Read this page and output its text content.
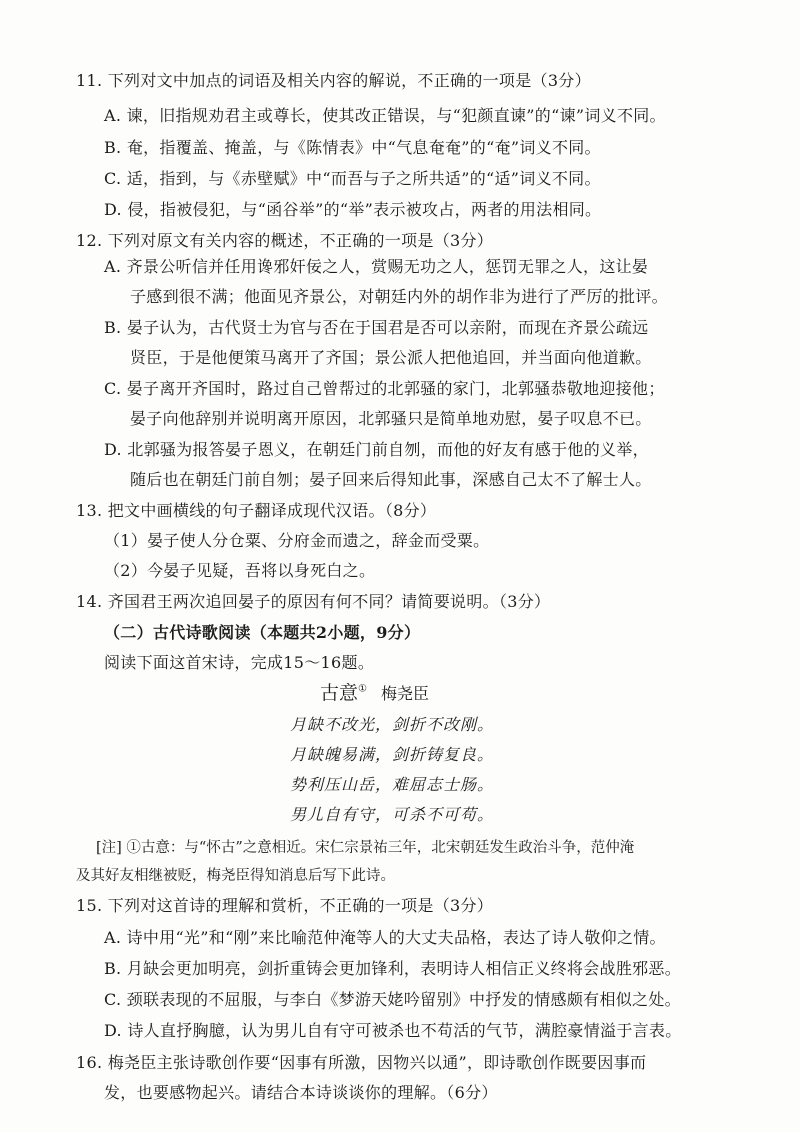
11. 下列对文中加点的词语及相关内容的解说，不正确的一项是（3分）
A. 谏，旧指规劝君主或尊长，使其改正错误，与“犯颜直谏”的“谏”词义不同。
B. 奄，指覆盖、掩盖，与《陈情表》中“气息奄奄”的“奄”词义不同。
C. 适，指到，与《赤壁赋》中“而吾与子之所共适”的“适”词义不同。
D. 侵，指被侵犯，与“函谷举”的“举”表示被攻占，两者的用法相同。
12. 下列对原文有关内容的概述，不正确的一项是（3分）
A. 齐景公听信并任用谗邪奸佞之人，赏赐无功之人，惩罚无罪之人，这让晏
子感到很不满；他面见齐景公，对朝廷内外的胡作非为进行了严厉的批评。
B. 晏子认为，古代贤士为官与否在于国君是否可以亲附，而现在齐景公疏远
贤臣，于是他便策马离开了齐国；景公派人把他追回，并当面向他道歉。
C. 晏子离开齐国时，路过自己曾帮过的北郭骚的家门，北郭骚恭敬地迎接他；
晏子向他辞别并说明离开原因，北郭骚只是简单地劝慰，晏子叹息不已。
D. 北郭骚为报答晏子恩义，在朝廷门前自刎，而他的好友有感于他的义举，
随后也在朝廷门前自刎；晏子回来后得知此事，深感自己太不了解士人。
13. 把文中画横线的句子翻译成现代汉语。（8分）
（1）晏子使人分仓粟、分府金而遗之，辞金而受粟。
（2）今晏子见疑，吾将以身死白之。
14. 齐国君王两次追回晏子的原因有何不同？请简要说明。（3分）
（二）古代诗歌阅读（本题共2小题，9分）
阅读下面这首宋诗，完成15～16题。
古意① 梅尧臣
月缺不改光，剑折不改刚。
月缺魄易满，剑折铸复良。
势利压山岳，难屈志士肠。
男儿自有守，可杀不可苟。
[注] ①古意：与“怀古”之意相近。宋仁宗景祐三年，北宋朝廷发生政治斗争，范仲淹
及其好友相继被贬，梅尧臣得知消息后写下此诗。
15. 下列对这首诗的理解和赏析，不正确的一项是（3分）
A. 诗中用“光”和“刚”来比喻范仲淹等人的大丈夫品格，表达了诗人敬仰之情。
B. 月缺会更加明亮，剑折重铸会更加锋利，表明诗人相信正义终将会战胜邪恶。
C. 颈联表现的不屈服，与李白《梦游天姥吟留别》中抒发的情感颇有相似之处。
D. 诗人直抒胸臆，认为男儿自有守可被杀也不苟活的气节，满腔豪情溢于言表。
16. 梅尧臣主张诗歌创作要“因事有所激，因物兴以通”，即诗歌创作既要因事而
发，也要感物起兴。请结合本诗谈谈你的理解。（6分）
